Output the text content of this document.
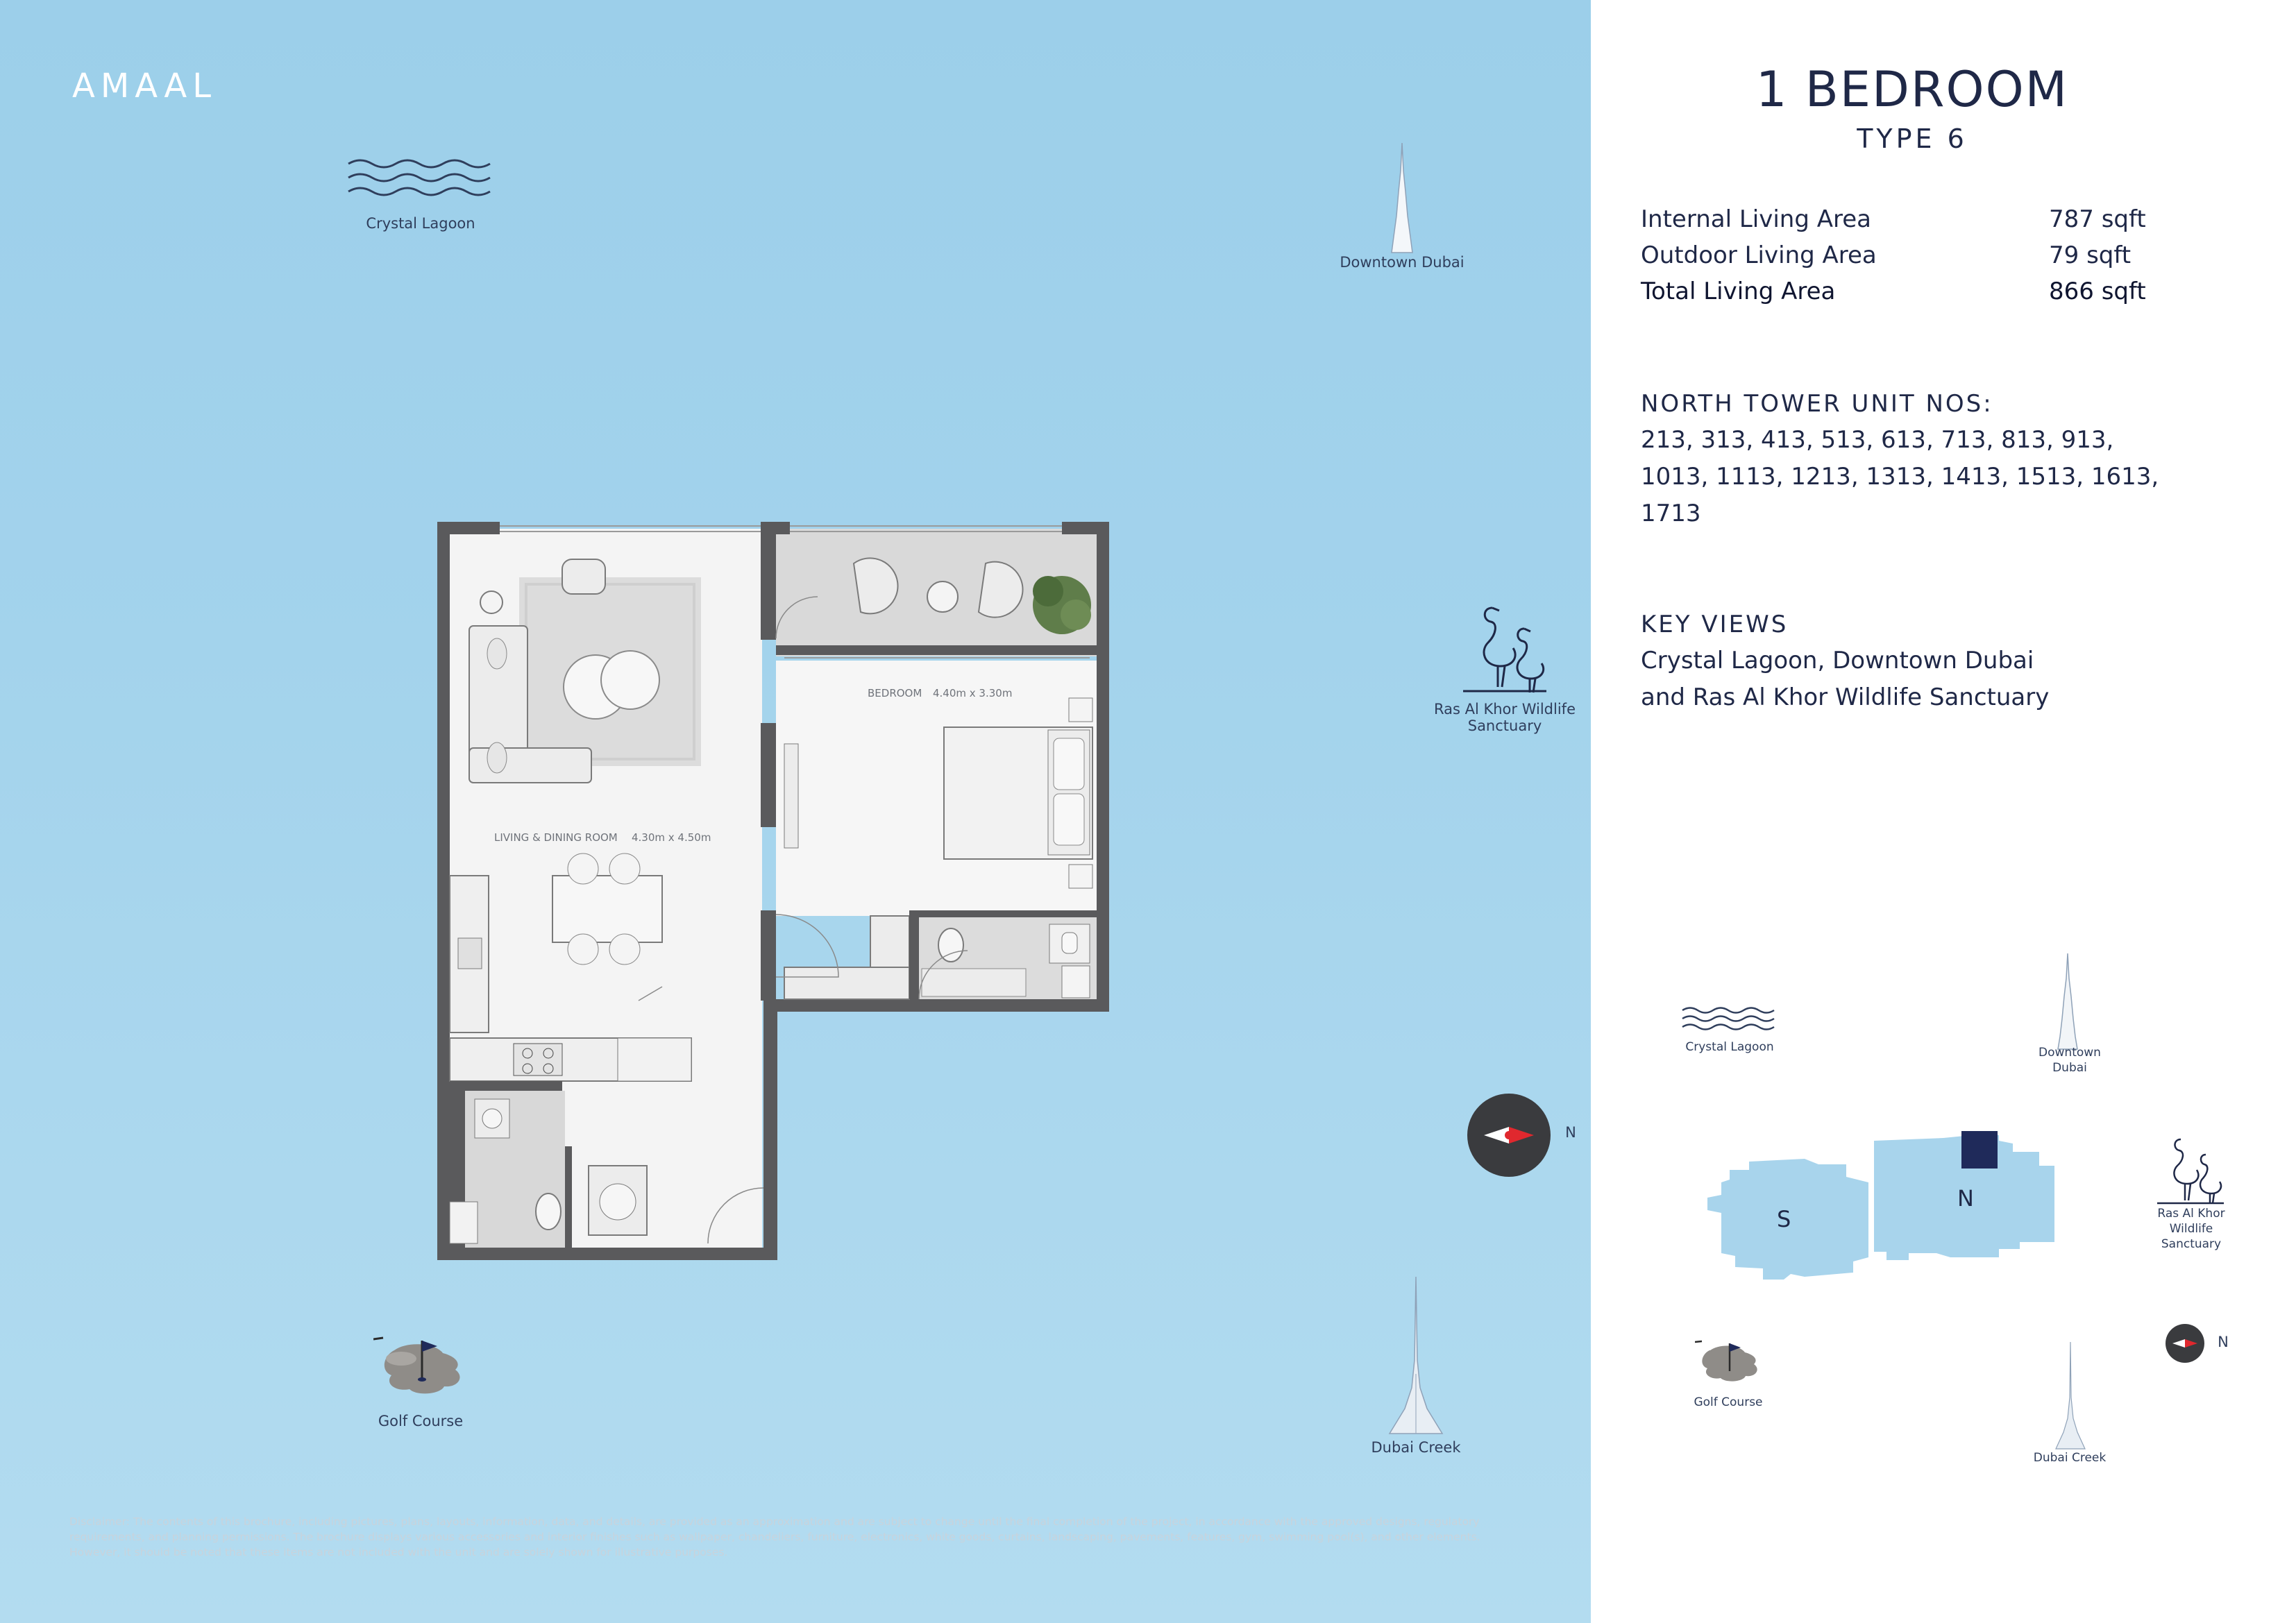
AMAAL
Crystal Lagoon
Downtown Dubai
Ras Al Khor Wildlife
Sanctuary
N
Golf Course
Dubai Creek
LIVING & DINING ROOM 4.30m x 4.50m
BEDROOM 4.40m x 3.30m
Disclaimer: The contents of this brochure, including pictures, plans, layouts, information, data, and details, are provided as an approximation and are subject to change until the final completion of the project, in accordance with the approved designs, regulatory
requirements, and planning permissions. The brochure displays various accessories and interior finishes such as wallpaper, chandeliers, furniture, electronics, white goods, curtains, landscaping, pavements, features, gym, swimming pool(s), and other elements.
However, it should be noted that these items are not included with the unit and are solely shown for illustrative purposes.
1 BEDROOM
TYPE 6
Internal Living Area	787 sqft
Outdoor Living Area	79 sqft
Total Living Area	866 sqft
NORTH TOWER UNIT NOS:
213, 313, 413, 513, 613, 713, 813, 913,
1013, 1113, 1213, 1313, 1413, 1513, 1613,
1713
KEY VIEWS
Crystal Lagoon, Downtown Dubai
and Ras Al Khor Wildlife Sanctuary
Crystal Lagoon	Downtown
Dubai
Ras Al Khor
Wildlife
Sanctuary
S
N
Golf Course
Dubai Creek
N
